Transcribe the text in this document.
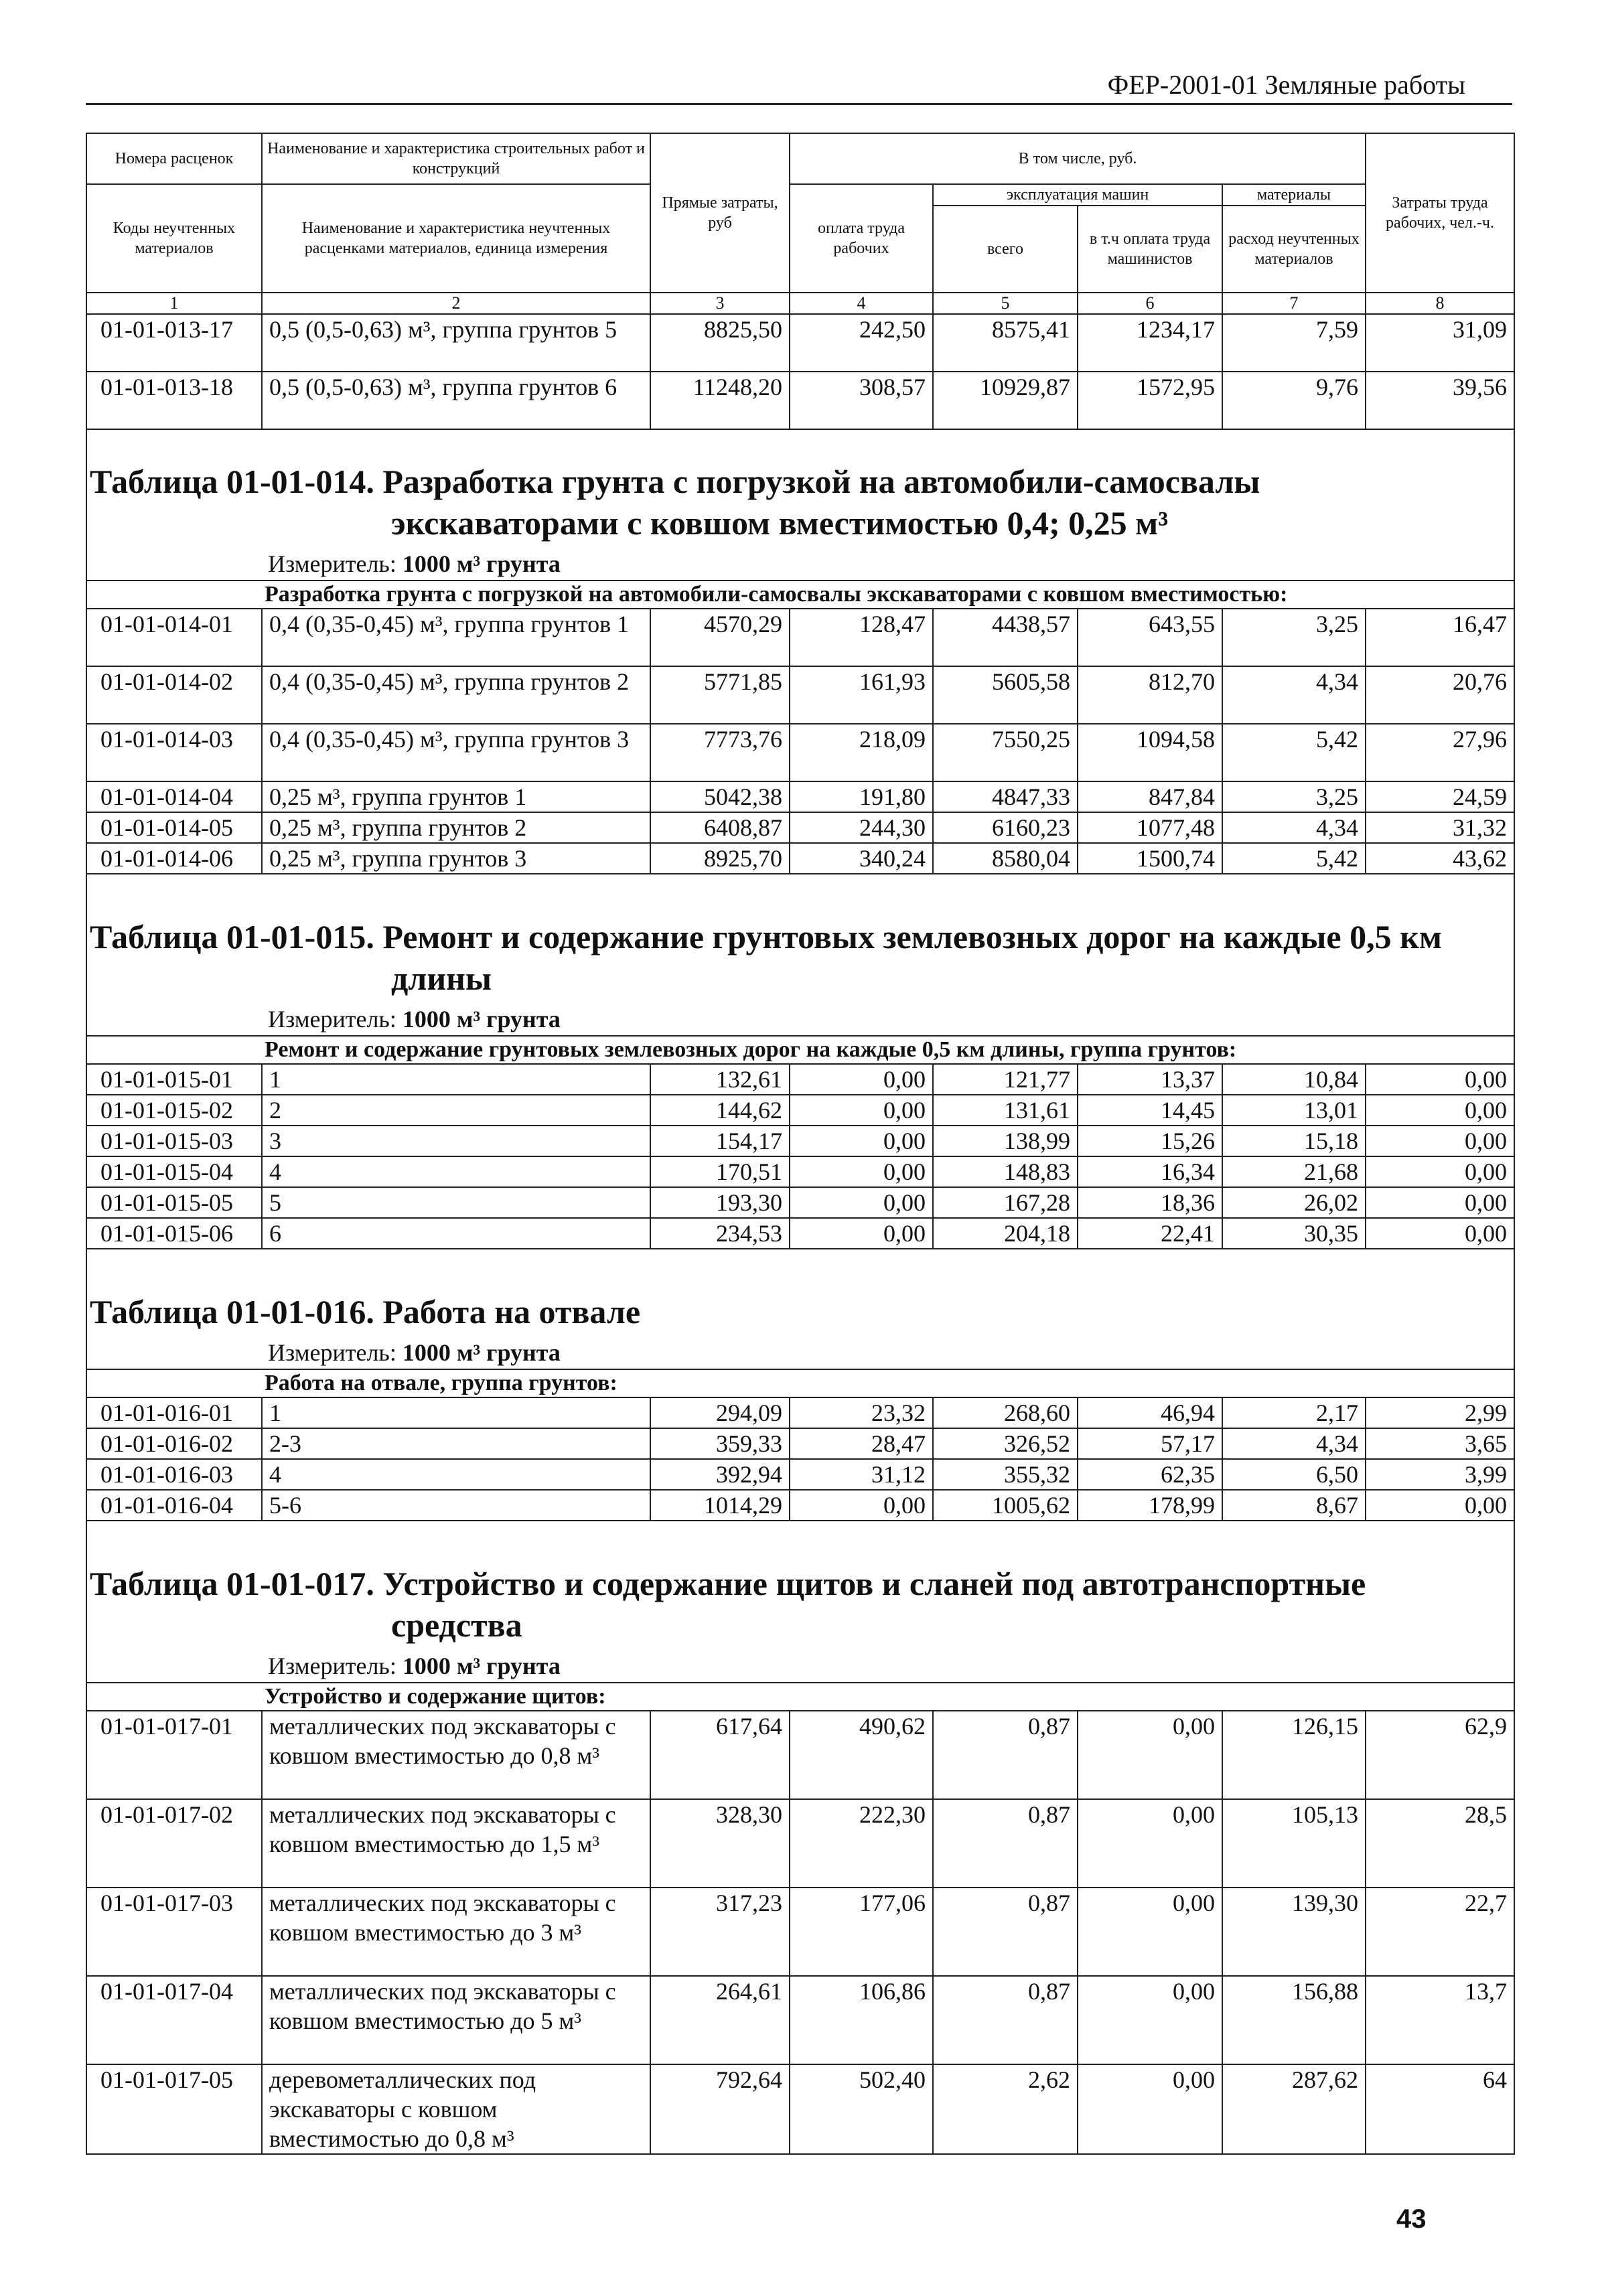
ФЕР-2001-01 Земляные работы
Номера расценок	Наименование и характеристика строительных работ и конструкций	Прямые затраты, руб	В том числе, руб.				Затраты труда рабочих, чел.-ч.
Коды неучтенных материалов	Наименование и характеристика неучтенных расценками материалов, единица измерения		оплата труда рабочих	эксплуатация машин		материалы	
				всего	в т.ч оплата труда машинистов	расход неучтенных материалов	
1	2	3	4	5	6	7	8
01-01-013-17	0,5 (0,5-0,63) м³, группа грунтов 5	8825,50	242,50	8575,41	1234,17	7,59	31,09
01-01-013-18	0,5 (0,5-0,63) м³, группа грунтов 6	11248,20	308,57	10929,87	1572,95	9,76	39,56

Таблица 01-01-014. Разработка грунта с погрузкой на автомобили-самосвалы
экскаваторами с ковшом вместимостью 0,4; 0,25 м³							

Измеритель: 1000 м³ грунта							
	Разработка грунта с погрузкой на автомобили-самосвалы экскаваторами с ковшом вместимостью:						
01-01-014-01	0,4 (0,35-0,45) м³, группа грунтов 1	4570,29	128,47	4438,57	643,55	3,25	16,47
01-01-014-02	0,4 (0,35-0,45) м³, группа грунтов 2	5771,85	161,93	5605,58	812,70	4,34	20,76
01-01-014-03	0,4 (0,35-0,45) м³, группа грунтов 3	7773,76	218,09	7550,25	1094,58	5,42	27,96
01-01-014-04	0,25 м³, группа грунтов 1	5042,38	191,80	4847,33	847,84	3,25	24,59
01-01-014-05	0,25 м³, группа грунтов 2	6408,87	244,30	6160,23	1077,48	4,34	31,32
01-01-014-06	0,25 м³, группа грунтов 3	8925,70	340,24	8580,04	1500,74	5,42	43,62

Таблица 01-01-015. Ремонт и содержание грунтовых землевозных дорог на каждые 0,5 км
длины							

Измеритель: 1000 м³ грунта							
	Ремонт и содержание грунтовых землевозных дорог на каждые 0,5 км длины, группа грунтов:						
01-01-015-01	1	132,61	0,00	121,77	13,37	10,84	0,00
01-01-015-02	2	144,62	0,00	131,61	14,45	13,01	0,00
01-01-015-03	3	154,17	0,00	138,99	15,26	15,18	0,00
01-01-015-04	4	170,51	0,00	148,83	16,34	21,68	0,00
01-01-015-05	5	193,30	0,00	167,28	18,36	26,02	0,00
01-01-015-06	6	234,53	0,00	204,18	22,41	30,35	0,00

Таблица 01-01-016. Работа на отвале							
Измеритель: 1000 м³ грунта							
	Работа на отвале, группа грунтов:						
01-01-016-01	1	294,09	23,32	268,60	46,94	2,17	2,99
01-01-016-02	2-3	359,33	28,47	326,52	57,17	4,34	3,65
01-01-016-03	4	392,94	31,12	355,32	62,35	6,50	3,99
01-01-016-04	5-6	1014,29	0,00	1005,62	178,99	8,67	0,00

Таблица 01-01-017. Устройство и содержание щитов и слaней под автотранспортные
средства							

Измеритель: 1000 м³ грунта							
	Устройство и содержание щитов:						
01-01-017-01	металлических под экскаваторы с ковшом вместимостью до 0,8 м³	617,64	490,62	0,87	0,00	126,15	62,9
01-01-017-02	металлических под экскаваторы с ковшом вместимостью до 1,5 м³	328,30	222,30	0,87	0,00	105,13	28,5
01-01-017-03	металлических под экскаваторы с ковшом вместимостью до 3 м³	317,23	177,06	0,87	0,00	139,30	22,7
01-01-017-04	металлических под экскаваторы с ковшом вместимостью до 5 м³	264,61	106,86	0,87	0,00	156,88	13,7
01-01-017-05	деревометаллических под экскаваторы с ковшом вместимостью до 0,8 м³	792,64	502,40	2,62	0,00	287,62	64

43
